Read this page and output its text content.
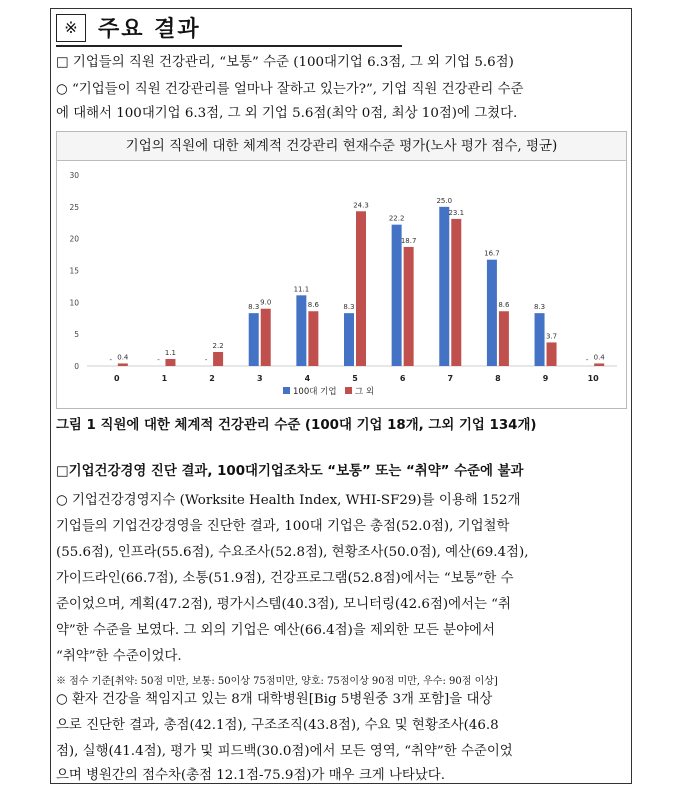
※ 주요 결과
□ 기업들의 직원 건강관리, “보통” 수준 (100대기업 6.3점, 그 외 기업 5.6점)
○ “기업들이 직원 건강관리를 얼마나 잘하고 있는가?”, 기업 직원 건강관리 수준
에 대해서 100대기업 6.3점, 그 외 기업 5.6점(최악 0점, 최상 10점)에 그쳤다.
기업의 직원에 대한 체계적 건강관리 현재수준 평가(노사 평가 점수, 평균)
0
5
10
15
20
25
30
- 0.4
0
-
1.1
1
-
2.2
2
8.3
9.0
3
11.1
8.6
4
8.3
24.3
5
22.2
18.7
6
25.0
23.1
7
16.7
8.6
8
8.3
3.7
9
- 0.4
10
100대 기업 그 외
그림 1 직원에 대한 체계적 건강관리 수준 (100대 기업 18개, 그외 기업 134개)
□기업건강경영 진단 결과, 100대기업조차도 “보통” 또는 “취약” 수준에 불과
○ 기업건강경영지수 (Worksite Health Index, WHI-SF29)를 이용해 152개
기업들의 기업건강경영을 진단한 결과, 100대 기업은 총점(52.0점), 기업철학
(55.6점), 인프라(55.6점), 수요조사(52.8점), 현황조사(50.0점), 예산(69.4점),
가이드라인(66.7점), 소통(51.9점), 건강프로그램(52.8점)에서는 “보통”한 수
준이었으며, 계획(47.2점), 평가시스템(40.3점), 모니터링(42.6점)에서는 “취
약”한 수준을 보였다. 그 외의 기업은 예산(66.4점)을 제외한 모든 분야에서
“취약”한 수준이었다.
※ 점수 기준[취약: 50점 미만, 보통: 50이상 75점미만, 양호: 75점이상 90점 미만, 우수: 90점 이상]
○ 환자 건강을 책임지고 있는 8개 대학병원[Big 5병원중 3개 포함]을 대상
으로 진단한 결과, 총점(42.1점), 구조조직(43.8점), 수요 및 현황조사(46.8
점), 실행(41.4점), 평가 및 피드백(30.0점)에서 모든 영역, “취약”한 수준이었
으며 병원간의 점수차(총점 12.1점-75.9점)가 매우 크게 나타났다.
